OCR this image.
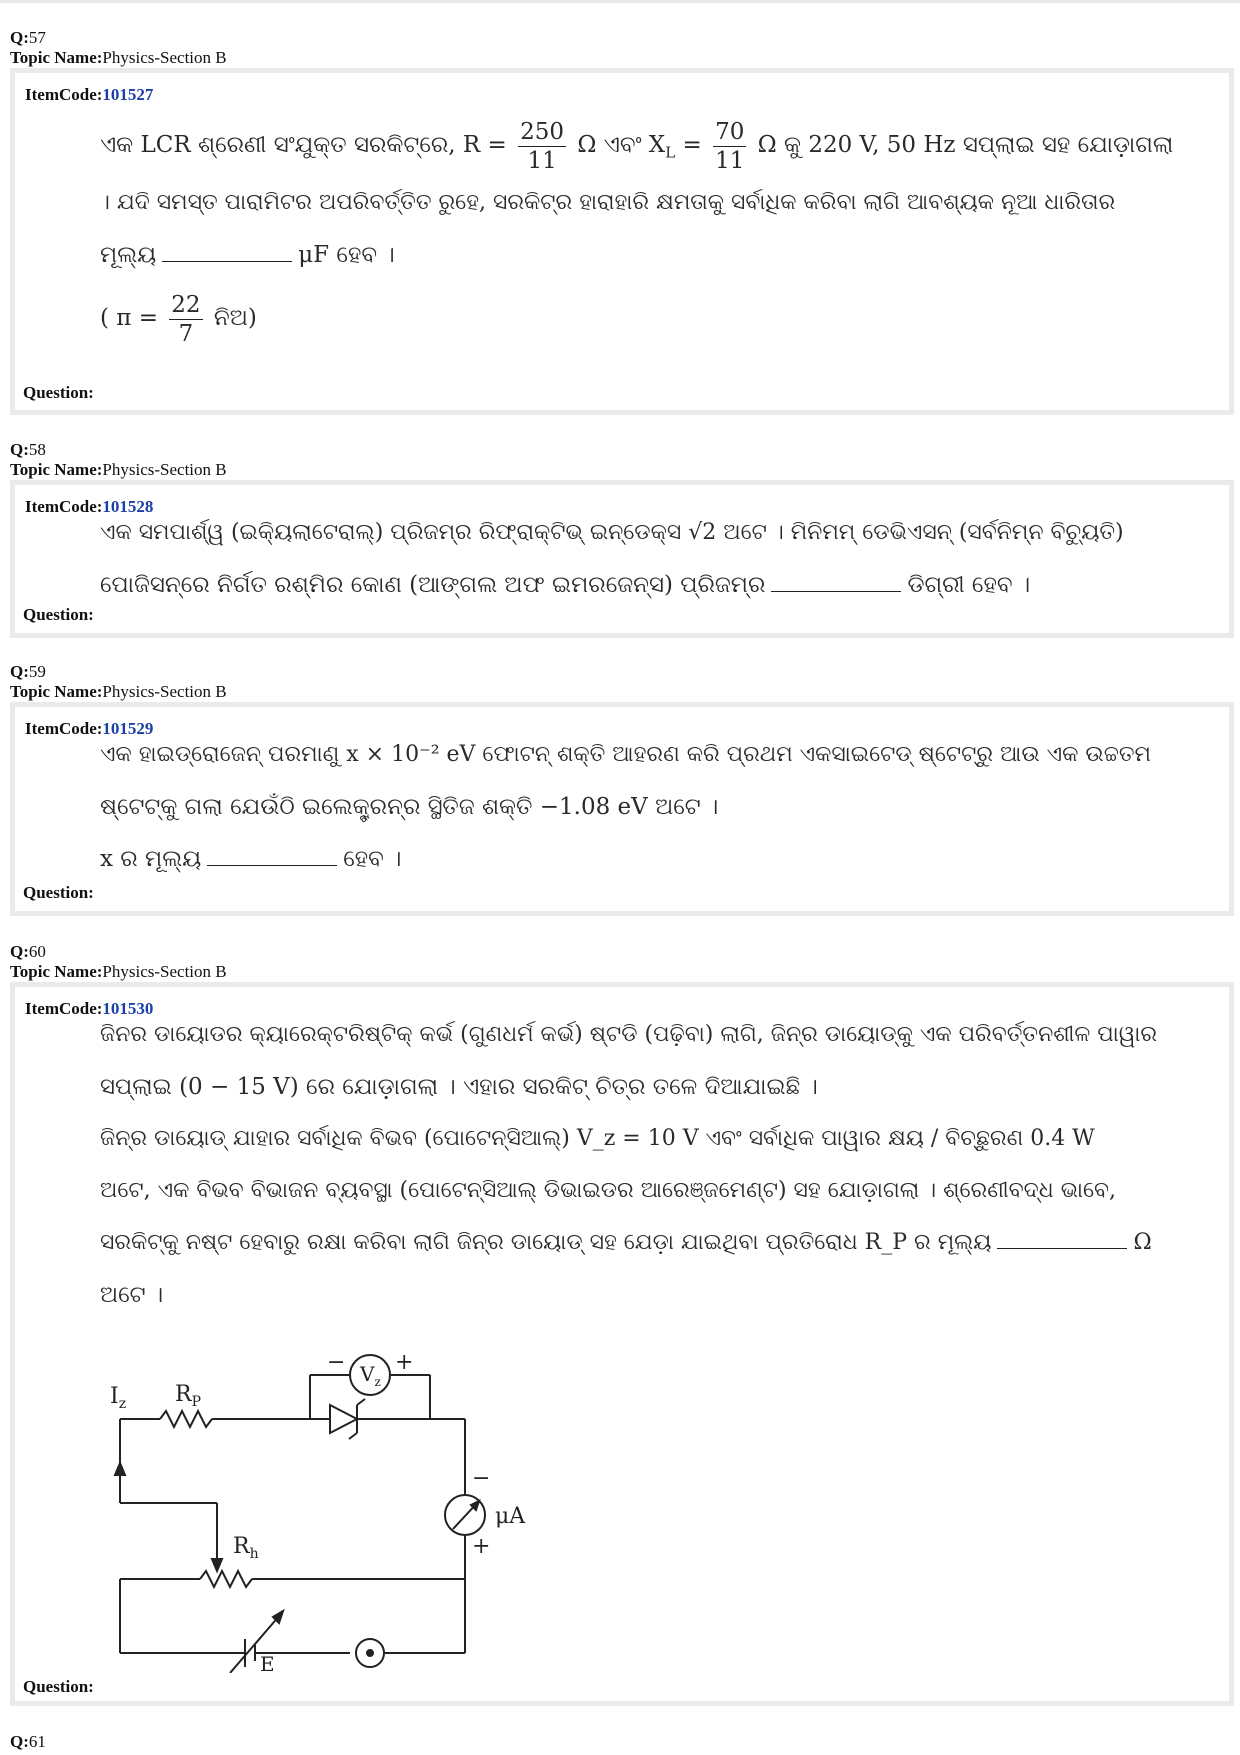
Q:57
Topic Name:Physics-Section B
ItemCode:101527
ଏକ LCR ଶ୍ରେଣୀ ସଂଯୁକ୍ତ ସରକିଟ୍‌ରେ, $R = \frac{250}{11}$ Ω ଏବଂ $X_L = \frac{70}{11}$ Ω କୁ 220 V, 50 Hz ସପ୍ଲାଇ ସହ ଯୋଡ଼ାଗଲା
। ଯଦି ସମସ୍ତ ପାରାମିଟର ଅପରିବର୍ତ୍ତିତ ରୁହେ, ସରକିଟ୍‌ର ହାରାହାରି କ୍ଷମତାକୁ ସର୍ବାଧିକ କରିବା ଲାଗି ଆବଶ୍ୟକ ନୂଆ ଧାରିତାର
ମୂଲ୍ୟ	μF ହେବ ।
( $\pi = \frac{22}{7}$ ନିଅ)
Question:
Q:58
Topic Name:Physics-Section B
ItemCode:101528
ଏକ ସମପାର୍ଶ୍ୱ (ଇକ୍ୟିଲାଟେରାଲ୍) ପ୍ରିଜମ୍‌ର ରିଫ୍ରାକ୍ଟିଭ୍ ଇନ୍‌ଡେକ୍ସ √2 ଅଟେ । ମିନିମମ୍ ଡେଭିଏସନ୍ (ସର୍ବନିମ୍ନ ବିଚ୍ୟୁତି)
ପୋଜିସନ୍‌ରେ ନିର୍ଗତ ରଶ୍ମିର କୋଣ (ଆଙ୍ଗଲ ଅଫ ଇମରଜେନ୍‌ସ) ପ୍ରିଜମ୍‌ର	ଡିଗ୍ରୀ ହେବ ।
Question:
Q:59
Topic Name:Physics-Section B
ItemCode:101529
ଏକ ହାଇଡ୍ରୋଜେନ୍ ପରମାଣୁ x × 10⁻² eV ଫୋଟନ୍ ଶକ୍ତି ଆହରଣ କରି ପ୍ରଥମ ଏକସାଇଟେଡ୍ ଷ୍ଟେଟ୍‌ରୁ ଆଉ ଏକ ଉଚ୍ଚତମ
ଷ୍ଟେଟ୍‌କୁ ଗଲା ଯେଉଁଠି ଇଲେକ୍ଟ୍ରନ୍‌ର ସ୍ଥିତିଜ ଶକ୍ତି −1.08 eV ଅଟେ ।
x ର ମୂଲ୍ୟ	ହେବ ।
Question:
Q:60
Topic Name:Physics-Section B
ItemCode:101530
ଜିନର ଡାୟୋଡର କ୍ୟାରେକ୍ଟରିଷ୍ଟିକ୍ କର୍ଭ (ଗୁଣଧର୍ମ କର୍ଭ) ଷ୍ଟଡି (ପଢ଼ିବା) ଲାଗି, ଜିନ୍‌ର ଡାୟୋଡ୍‌କୁ ଏକ ପରିବର୍ତ୍ତନଶୀଳ ପାୱାର
ସପ୍ଲାଇ (0 − 15 V) ରେ ଯୋଡ଼ାଗଲା । ଏହାର ସରକିଟ୍ ଚିତ୍ର ତଳେ ଦିଆଯାଇଛି ।
ଜିନ୍‌ର ଡାୟୋଡ୍ ଯାହାର ସର୍ବାଧିକ ବିଭବ (ପୋଟେନ୍‌ସିଆଲ୍) V_z = 10 V ଏବଂ ସର୍ବାଧିକ ପାୱାର କ୍ଷୟ / ବିଚ୍ଛୁରଣ 0.4 W
ଅଟେ, ଏକ ବିଭବ ବିଭାଜନ ବ୍ୟବସ୍ଥା (ପୋଟେନ୍‌ସିଆଲ୍ ଡିଭାଇଡର ଆରେଞ୍ଜମେଣ୍ଟ) ସହ ଯୋଡ଼ାଗଲା । ଶ୍ରେଣୀବଦ୍ଧ ଭାବେ,
ସରକିଟ୍‌କୁ ନଷ୍ଟ ହେବାରୁ ରକ୍ଷା କରିବା ଲାଗି ଜିନ୍‌ର ଡାୟୋଡ୍ ସହ ଯେଡ଼ା ଯାଇଥିବା ପ୍ରତିରୋଧ R_P ର ମୂଲ୍ୟ	Ω
ଅଟେ ।
$I_z$ $R_P$
$V_z$
− +
−
+
μA
$R_h$
E
Question:
Q:61
